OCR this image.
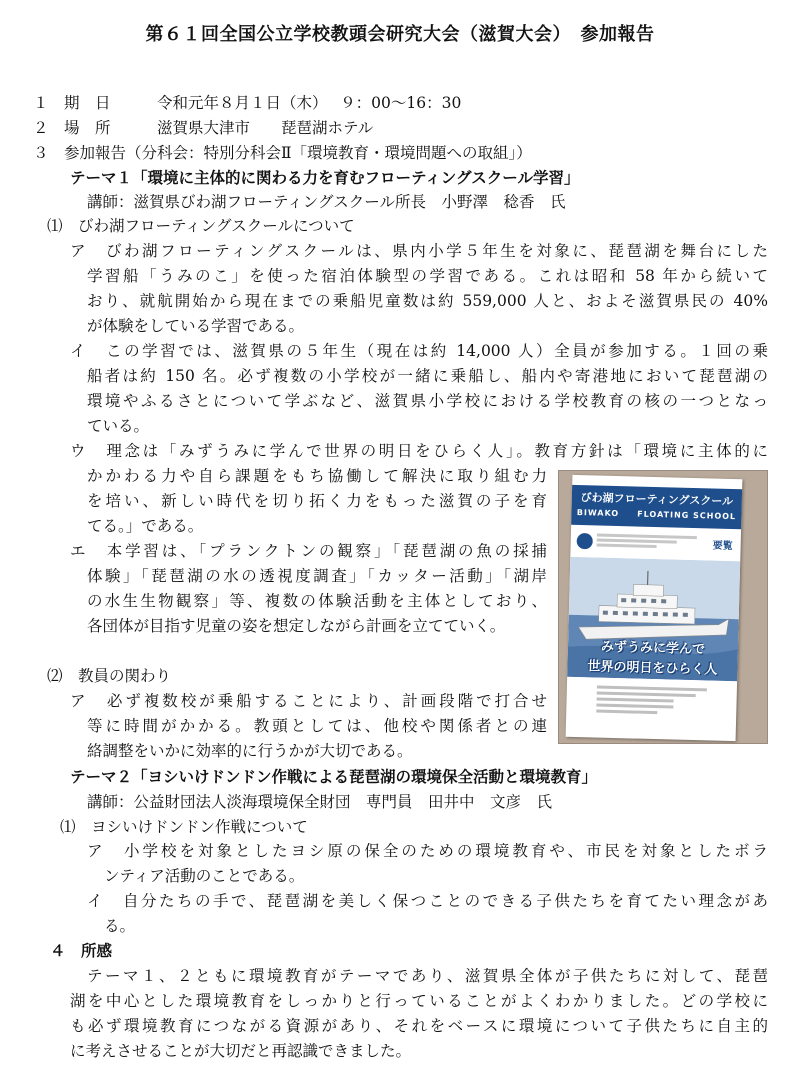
第６１回全国公立学校教頭会研究大会（滋賀大会）　参加報告
１　期　日　　　令和元年８月１日（木）　 ９：00〜16：30
２　場　所　　　滋賀県大津市　　琵琶湖ホテル
３　参加報告（分科会：特別分科会Ⅱ「環境教育・環境問題への取組」）
テーマ１「環境に主体的に関わる力を育むフローティングスクール学習」
講師：滋賀県びわ湖フローティングスクール所長　小野澤　稔香　氏
⑴　びわ湖フローティングスクールについて
ア　びわ湖フローティングスクールは、県内小学５年生を対象に、琵琶湖を舞台にした
学習船「うみのこ」を使った宿泊体験型の学習である。これは昭和 58 年から続いて
おり、就航開始から現在までの乗船児童数は約 559,000 人と、およそ滋賀県民の 40%
が体験をしている学習である。
イ　この学習では、滋賀県の５年生（現在は約 14,000 人）全員が参加する。１回の乗
船者は約 150 名。必ず複数の小学校が一緒に乗船し、船内や寄港地において琵琶湖の
環境やふるさとについて学ぶなど、滋賀県小学校における学校教育の核の一つとなっ
ている。
ウ　理念は「みずうみに学んで世界の明日をひらく人」。教育方針は「環境に主体的に
かかわる力や自ら課題をもち協働して解決に取り組む力
を培い、新しい時代を切り拓く力をもった滋賀の子を育
てる。」である。
エ　本学習は、「プランクトンの観察」「琵琶湖の魚の採捕
体験」「琵琶湖の水の透視度調査」「カッター活動」「湖岸
の水生生物観察」等、複数の体験活動を主体としており、
各団体が目指す児童の姿を想定しながら計画を立てていく。
⑵　教員の関わり
ア　必ず複数校が乗船することにより、計画段階で打合せ
等に時間がかかる。教頭としては、他校や関係者との連
絡調整をいかに効率的に行うかが大切である。
テーマ２「ヨシいけドンドン作戦による琵琶湖の環境保全活動と環境教育」
講師：公益財団法人淡海環境保全財団　専門員　田井中　文彦　氏
⑴　ヨシいけドンドン作戦について
ア　小学校を対象としたヨシ原の保全のための環境教育や、市民を対象としたボラ
ンティア活動のことである。
イ　自分たちの手で、琵琶湖を美しく保つことのできる子供たちを育てたい理念があ
る。
４　所感
テーマ１、２ともに環境教育がテーマであり、滋賀県全体が子供たちに対して、琵琶
湖を中心とした環境教育をしっかりと行っていることがよくわかりました。どの学校に
も必ず環境教育につながる資源があり、それをベースに環境について子供たちに自主的
に考えさせることが大切だと再認識できました。
びわ湖フローティングスクール
BIWAKO　　FLOATING SCHOOL
要覧
みずうみに学んで
世界の明日をひらく人
